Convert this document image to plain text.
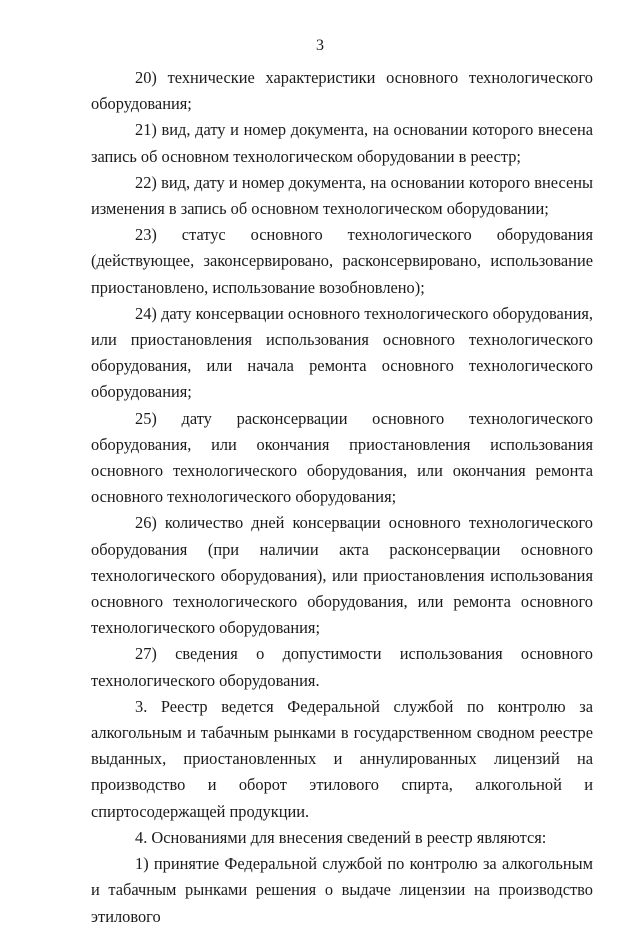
3

20) технические характеристики основного технологического оборудования;

21) вид, дату и номер документа, на основании которого внесена запись об основном технологическом оборудовании в реестр;

22) вид, дату и номер документа, на основании которого внесены изменения в запись об основном технологическом оборудовании;

23) статус основного технологического оборудования (действующее, законсервировано, расконсервировано, использование приостановлено, использование возобновлено);

24) дату консервации основного технологического оборудования, или приостановления использования основного технологического оборудования, или начала ремонта основного технологического оборудования;

25) дату расконсервации основного технологического оборудования, или окончания приостановления использования основного технологического оборудования, или окончания ремонта основного технологического оборудования;

26) количество дней консервации основного технологического оборудования (при наличии акта расконсервации основного технологического оборудования), или приостановления использования основного технологического оборудования, или ремонта основного технологического оборудования;

27) сведения о допустимости использования основного технологического оборудования.

3. Реестр ведется Федеральной службой по контролю за алкогольным и табачным рынками в государственном сводном реестре выданных, приостановленных и аннулированных лицензий на производство и оборот этилового спирта, алкогольной и спиртосодержащей продукции.

4. Основаниями для внесения сведений в реестр являются:

1) принятие Федеральной службой по контролю за алкогольным и табачным рынками решения о выдаче лицензии на производство этилового
